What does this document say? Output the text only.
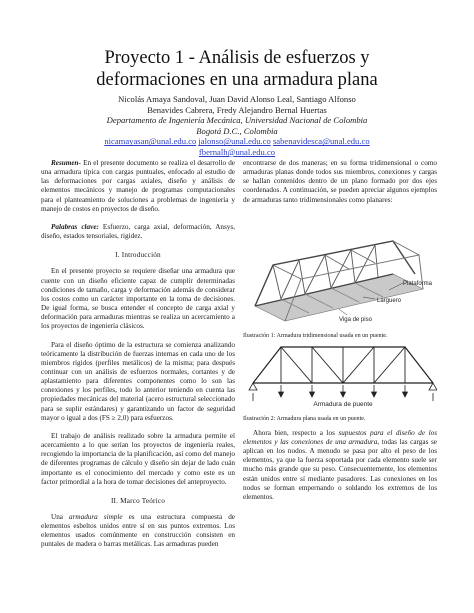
Proyecto 1 - Análisis de esfuerzos y
deformaciones en una armadura plana
Nicolás Amaya Sandoval, Juan David Alonso Leal, Santiago Alfonso
Benavides Cabrera, Fredy Alejandro Bernal Huertas
Departamento de Ingeniería Mecánica, Universidad Nacional de Colombia
Bogotá D.C., Colombia
nicamayasan@unal.edu.co jalonso@unal.edu.co sabenavidesca@unal.edu.co
fbernalh@unal.edu.co

Resumen- En el presente documento se realiza el desarrollo de una armadura típica con cargas puntuales, enfocado al estudio de las deformaciones por cargas axiales, diseño y análisis de elementos mecánicos y manejo de programas computacionales para el planteamiento de soluciones a problemas de ingeniería y manejo de costos en proyectos de diseño.

Palabras clave: Esfuerzo, carga axial, deformación, Ansys, diseño, estados tensoriales, rigidez.

I. Introducción

En el presente proyecto se requiere diseñar una armadura que cuente con un diseño eficiente capaz de cumplir determinadas condiciones de tamaño, carga y deformación además de considerar los costos como un carácter importante en la toma de decisiones. De igual forma, se busca entender el concepto de carga axial y deformación para armaduras mientras se realiza un acercamiento a los proyectos de ingeniería clásicos.

Para el diseño óptimo de la estructura se comienza analizando teóricamente la distribución de fuerzas internas en cada uno de los miembros rígidos (perfiles metálicos) de la misma; para después continuar con un análisis de esfuerzos normales, cortantes y de aplastamiento para diferentes componentes como lo son las conexiones y los perfiles, todo lo anterior teniendo en cuenta las propiedades mecánicas del material (acero estructural seleccionado para se suplir estándares) y garantizando un factor de seguridad mayor o igual a dos (FS ≥ 2,0) para esfuerzos.

El trabajo de análisis realizado sobre la armadura permite el acercamiento a lo que serían los proyectos de ingeniería reales, recogiendo la importancia de la planificación, así como del manejo de diferentes programas de cálculo y diseño sin dejar de lado cuán importante es el conocimiento del mercado y como este es un factor primordial a la hora de tomar decisiones del anteproyecto.

II. Marco Teórico

Una armadura simple es una estructura compuesta de elementos esbeltos unidos entre sí en sus puntos extremos. Los elementos usados comúnmente en construcción consisten en puntales de madera o barras metálicas. Las armaduras pueden

encontrarse de dos maneras; en su forma tridimensional o como armaduras planas donde todos sus miembros, conexiones y cargas se hallan contenidos dentro de un plano formado por dos ejes coordenados. A continuación, se pueden apreciar algunos ejemplos de armaduras tanto tridimensionales como planares:

Plataforma
Larguero
Viga de piso
Ilustración 1: Armadura tridimensional usada en un puente.
Armadura de puente
Ilustración 2: Armadura plana usada en un puente.

Ahora bien, respecto a los supuestos para el diseño de los elementos y las conexiones de una armadura, todas las cargas se aplican en los nodos. A menudo se pasa por alto el peso de los elementos, ya que la fuerza soportada por cada elemento suele ser mucho más grande que su peso. Consecuentemente, los elementos están unidos entre sí mediante pasadores. Las conexiones en los nodos se forman empernando o soldando los extremos de los elementos.
